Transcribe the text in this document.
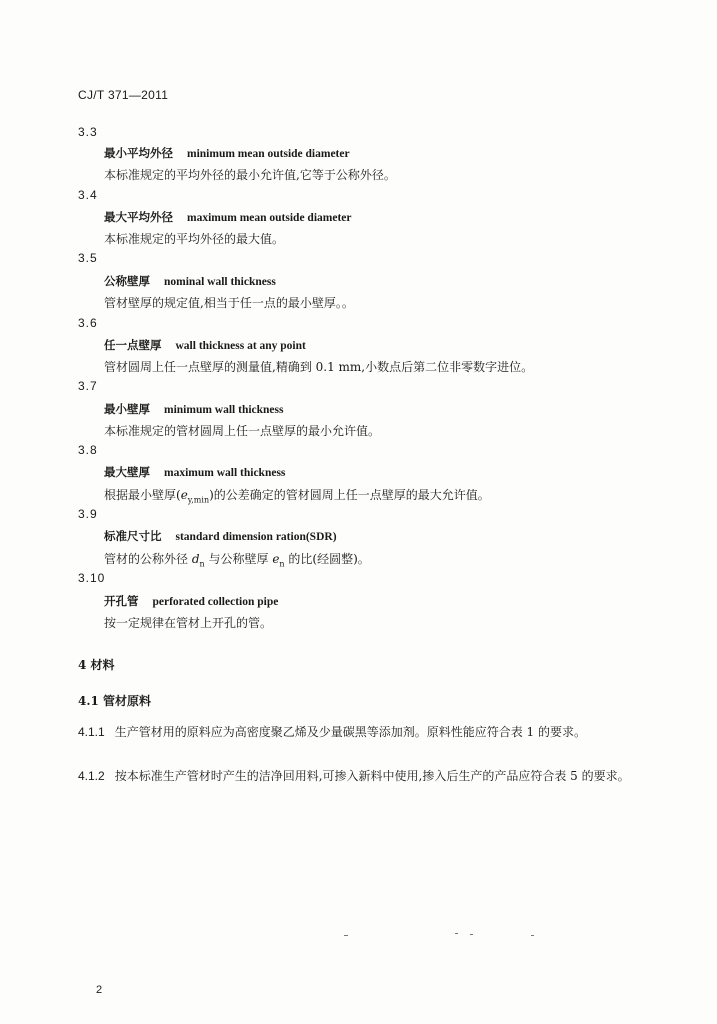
CJ/T 371—2011
3.3
最小平均外径 minimum mean outside diameter
本标准规定的平均外径的最小允许值,它等于公称外径。
3.4
最大平均外径 maximum mean outside diameter
本标准规定的平均外径的最大值。
3.5
公称壁厚 nominal wall thickness
管材壁厚的规定值,相当于任一点的最小壁厚。。
3.6
任一点壁厚 wall thickness at any point
管材圆周上任一点壁厚的测量值,精确到 0.1 mm,小数点后第二位非零数字进位。
3.7
最小壁厚 minimum wall thickness
本标准规定的管材圆周上任一点壁厚的最小允许值。
3.8
最大壁厚 maximum wall thickness
根据最小壁厚$(e_{y,min})$的公差确定的管材圆周上任一点壁厚的最大允许值。
3.9
标准尺寸比 standard dimension ration(SDR)
管材的公称外径 $d_n$ 与公称壁厚 $e_n$ 的比(经圆整)。
3.10
开孔管 perforated collection pipe
按一定规律在管材上开孔的管。
4 材料
4.1 管材原料
4.1.1 生产管材用的原料应为高密度聚乙烯及少量碳黑等添加剂。原料性能应符合表 1 的要求。
4.1.2 按本标准生产管材时产生的洁净回用料,可掺入新料中使用,掺入后生产的产品应符合表 5 的要求。
2
